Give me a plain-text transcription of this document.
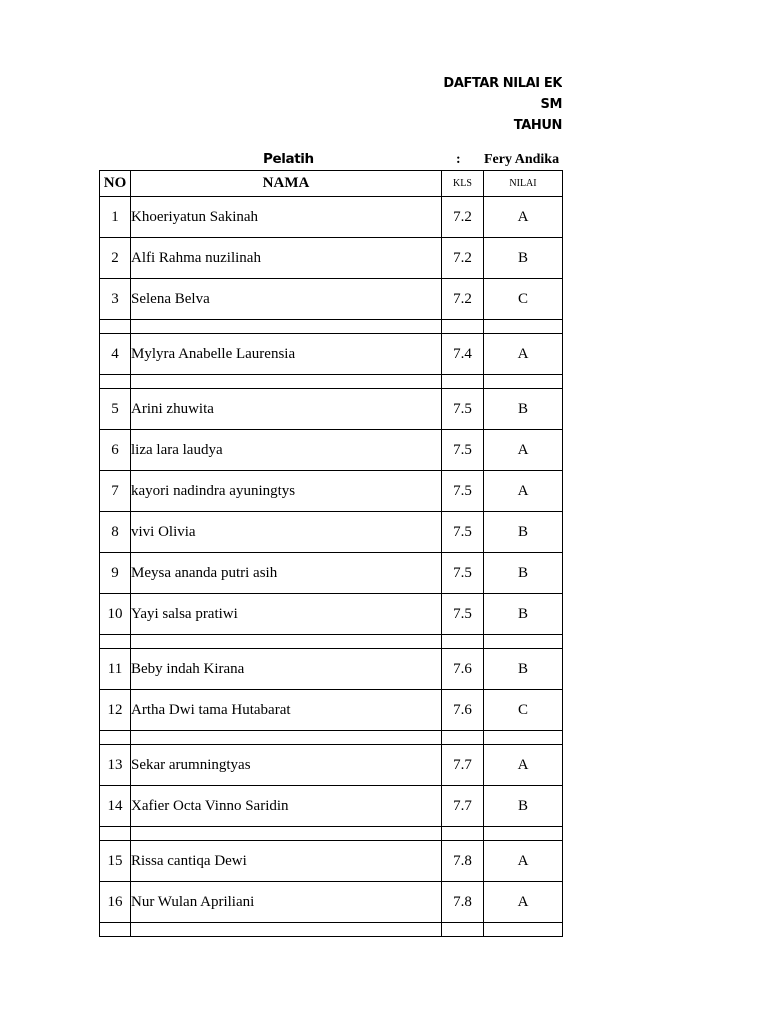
DAFTAR NILAI EK
SM
TAHUN
Pelatih	: Fery Andika
NO	NAMA	KLS	NILAI
1	Khoeriyatun Sakinah	7.2	A
2	Alfi Rahma nuzilinah	7.2	B
3	Selena Belva	7.2	C

4	Mylyra Anabelle Laurensia	7.4	A

5	Arini zhuwita	7.5	B
6	liza lara laudya	7.5	A
7	kayori nadindra ayuningtys	7.5	A
8	vivi Olivia	7.5	B
9	Meysa ananda putri asih	7.5	B
10	Yayi salsa pratiwi	7.5	B

11	Beby indah Kirana	7.6	B
12	Artha Dwi tama Hutabarat	7.6	C

13	Sekar arumningtyas	7.7	A
14	Xafier Octa Vinno Saridin	7.7	B

15	Rissa cantiqa Dewi	7.8	A
16	Nur Wulan Apriliani	7.8	A
